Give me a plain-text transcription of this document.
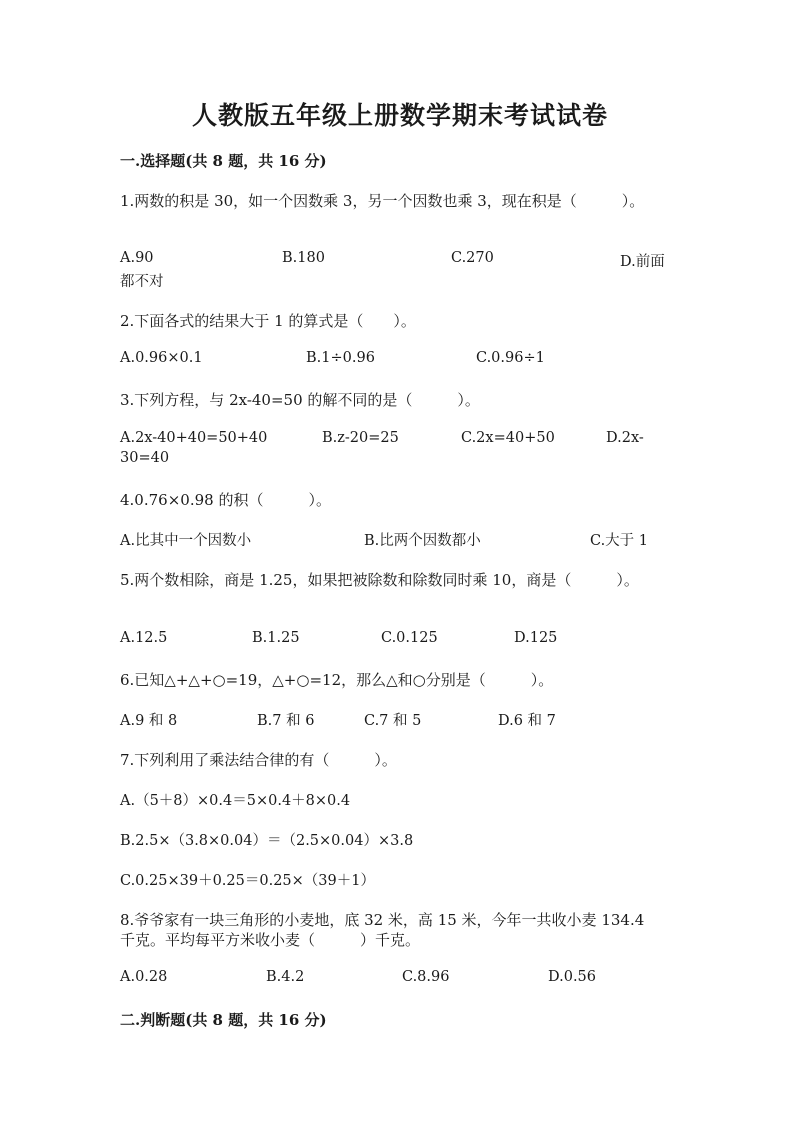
人教版五年级上册数学期末考试试卷
一.选择题(共 8 题，共 16 分)
1.两数的积是 30，如一个因数乘 3，另一个因数也乘 3，现在积是（　　　）。
A.90	B.180	C.270	D.前面
都不对
2.下面各式的结果大于 1 的算式是（　　）。
A.0.96×0.1	B.1÷0.96	C.0.96÷1
3.下列方程，与 2x-40=50 的解不同的是（　　　）。
A.2x-40+40=50+40	B.z-20=25	C.2x=40+50	D.2x-
30=40
4.0.76×0.98 的积（　　　）。
A.比其中一个因数小	B.比两个因数都小	C.大于 1
5.两个数相除，商是 1.25，如果把被除数和除数同时乘 10，商是（　　　）。
A.12.5	B.1.25	C.0.125	D.125
6.已知△+△+○=19，△+○=12，那么△和○分别是（　　　）。
A.9 和 8	B.7 和 6	C.7 和 5	D.6 和 7
7.下列利用了乘法结合律的有（　　　）。
A.（5＋8）×0.4＝5×0.4＋8×0.4
B.2.5×（3.8×0.04）＝（2.5×0.04）×3.8
C.0.25×39＋0.25＝0.25×（39＋1）
8.爷爷家有一块三角形的小麦地，底 32 米，高 15 米，今年一共收小麦 134.4
千克。平均每平方米收小麦（　　　）千克。
A.0.28	B.4.2	C.8.96	D.0.56
二.判断题(共 8 题，共 16 分)
